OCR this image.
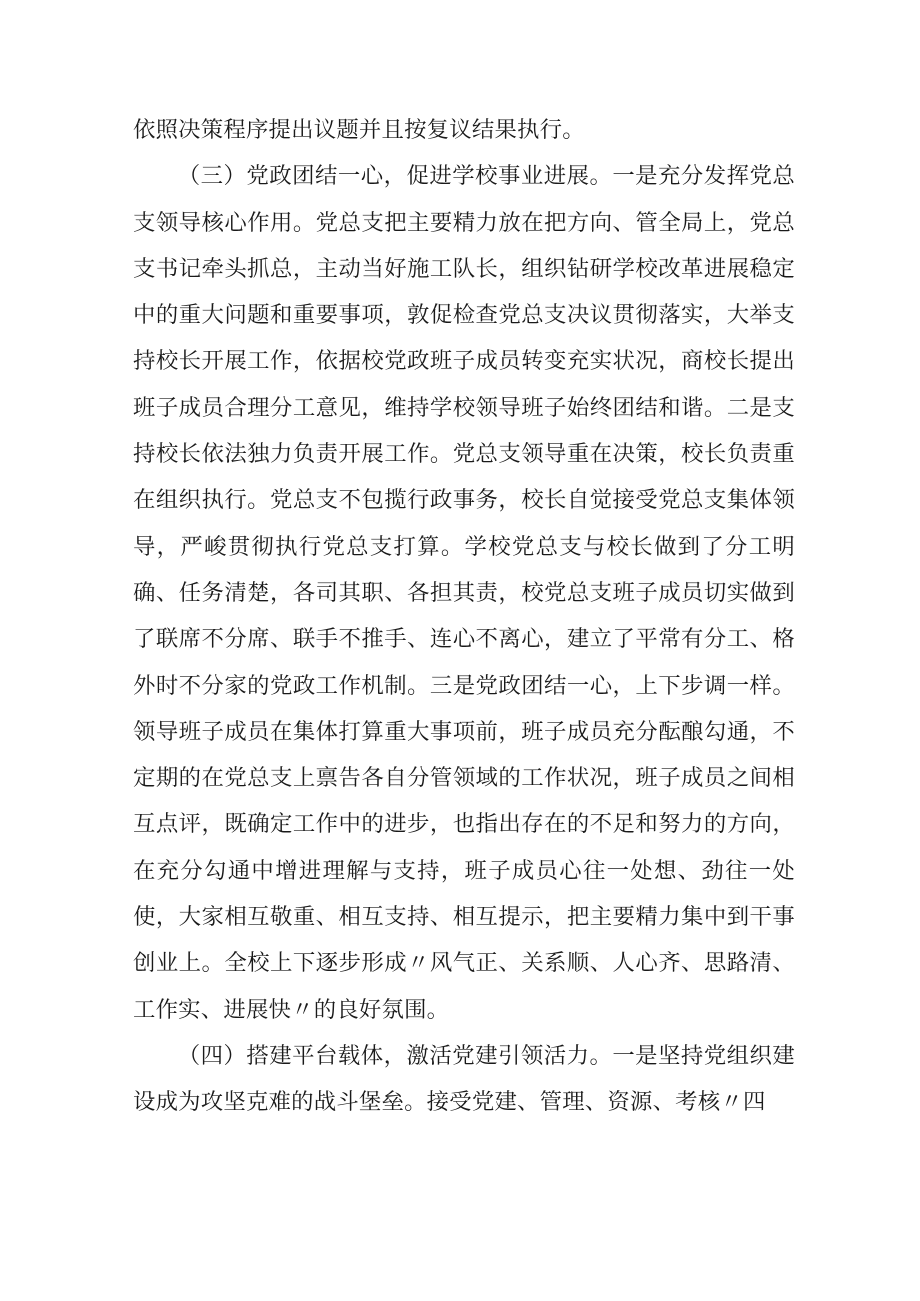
依照决策程序提出议题并且按复议结果执行。

（三）党政团结一心，促进学校事业进展。一是充分发挥党总支领导核心作用。党总支把主要精力放在把方向、管全局上，党总支书记牵头抓总，主动当好施工队长，组织钻研学校改革进展稳定中的重大问题和重要事项，敦促检查党总支决议贯彻落实，大举支持校长开展工作，依据校党政班子成员转变充实状况，商校长提出班子成员合理分工意见，维持学校领导班子始终团结和谐。二是支持校长依法独力负责开展工作。党总支领导重在决策，校长负责重在组织执行。党总支不包揽行政事务，校长自觉接受党总支集体领导，严峻贯彻执行党总支打算。学校党总支与校长做到了分工明确、任务清楚，各司其职、各担其责，校党总支班子成员切实做到了联席不分席、联手不推手、连心不离心，建立了平常有分工、格外时不分家的党政工作机制。三是党政团结一心，上下步调一样。领导班子成员在集体打算重大事项前，班子成员充分酝酿勾通，不定期的在党总支上禀告各自分管领域的工作状况，班子成员之间相互点评，既确定工作中的进步，也指出存在的不足和努力的方向，在充分勾通中增进理解与支持，班子成员心往一处想、劲往一处使，大家相互敬重、相互支持、相互提示，把主要精力集中到干事创业上。全校上下逐步形成〃风气正、关系顺、人心齐、思路清、工作实、进展快〃的良好氛围。

（四）搭建平台载体，激活党建引领活力。一是坚持党组织建设成为攻坚克难的战斗堡垒。接受党建、管理、资源、考核〃四
